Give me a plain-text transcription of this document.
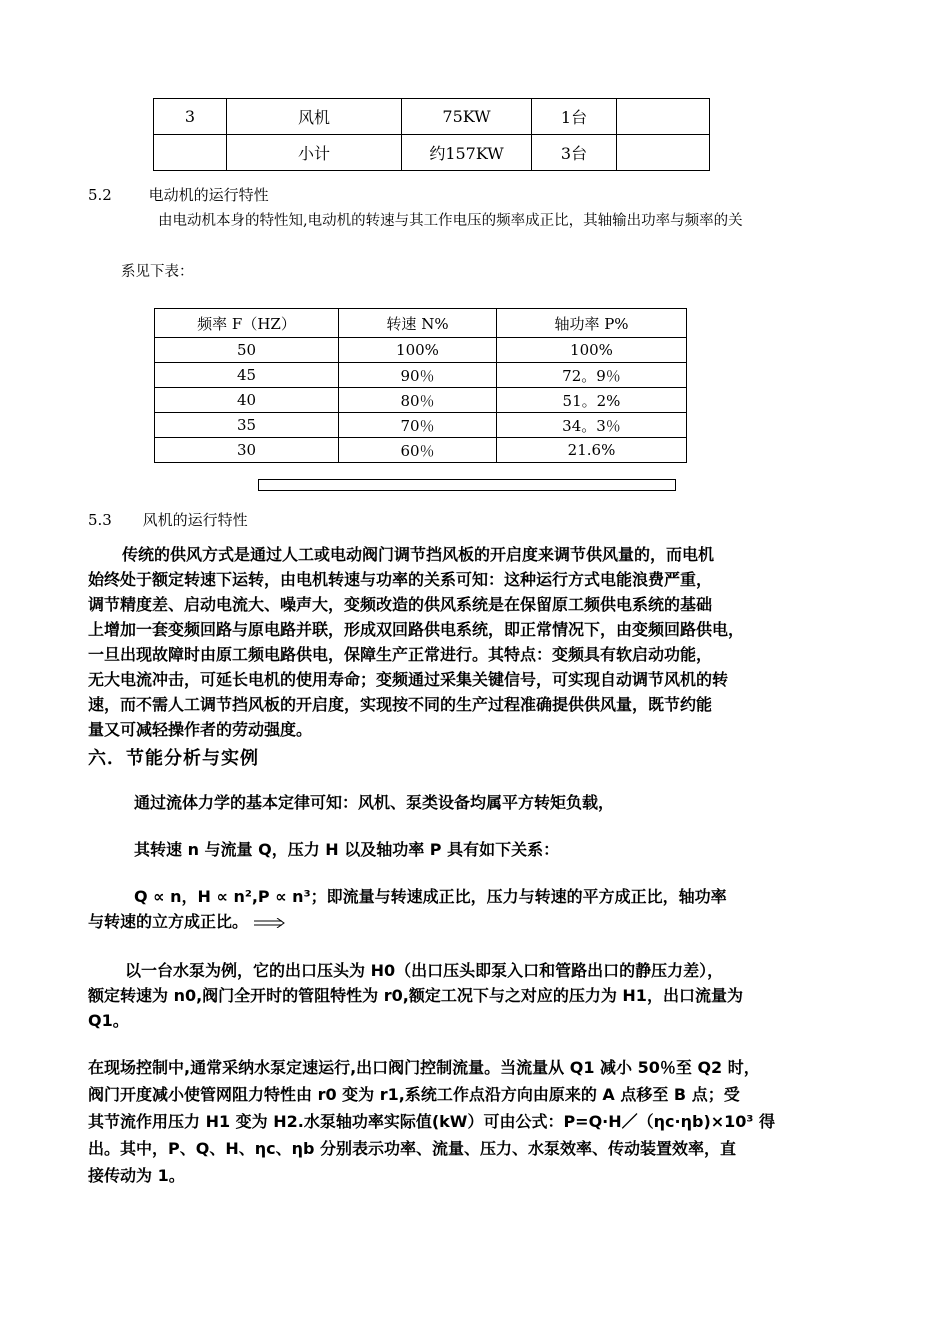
3	风机	75KW	1台	
	小计	约157KW	3台	
5.2 电动机的运行特性
由电动机本身的特性知,电动机的转速与其工作电压的频率成正比，其轴输出功率与频率的关
系见下表：
频率 F（HZ）	转速 N%	轴功率 P%
50	100%	100%
45	90％	72。9％
40	80％	51。2%
35	70％	34。3％
30	60％	21.6%
5.3 风机的运行特性
传统的供风方式是通过人工或电动阀门调节挡风板的开启度来调节供风量的，而电机
始终处于额定转速下运转，由电机转速与功率的关系可知：这种运行方式电能浪费严重，
调节精度差、启动电流大、噪声大，变频改造的供风系统是在保留原工频供电系统的基础
上增加一套变频回路与原电路并联，形成双回路供电系统，即正常情况下，由变频回路供电，
一旦出现故障时由原工频电路供电，保障生产正常进行。其特点：变频具有软启动功能，
无大电流冲击，可延长电机的使用寿命；变频通过采集关键信号，可实现自动调节风机的转
速，而不需人工调节挡风板的开启度，实现按不同的生产过程准确提供供风量，既节约能
量又可减轻操作者的劳动强度。
六．节能分析与实例
通过流体力学的基本定律可知：风机、泵类设备均属平方转矩负载，
其转速 n 与流量 Q，压力 H 以及轴功率 P 具有如下关系：
Q ∝ n，H ∝ n²,P ∝ n³；即流量与转速成正比，压力与转速的平方成正比，轴功率
与转速的立方成正比。
以一台水泵为例，它的出口压头为 H0（出口压头即泵入口和管路出口的静压力差），
额定转速为 n0,阀门全开时的管阻特性为 r0,额定工况下与之对应的压力为 H1，出口流量为
Q1。
在现场控制中,通常采纳水泵定速运行,出口阀门控制流量。当流量从 Q1 减小 50％至 Q2 时，
阀门开度减小使管网阻力特性由 r0 变为 r1,系统工作点沿方向由原来的 A 点移至 B 点；受
其节流作用压力 H1 变为 H2.水泵轴功率实际值(kW）可由公式：P=Q·H／（ηc·ηb)×10³ 得
出。其中，P、Q、H、ηc、ηb 分别表示功率、流量、压力、水泵效率、传动装置效率，直
接传动为 1。
